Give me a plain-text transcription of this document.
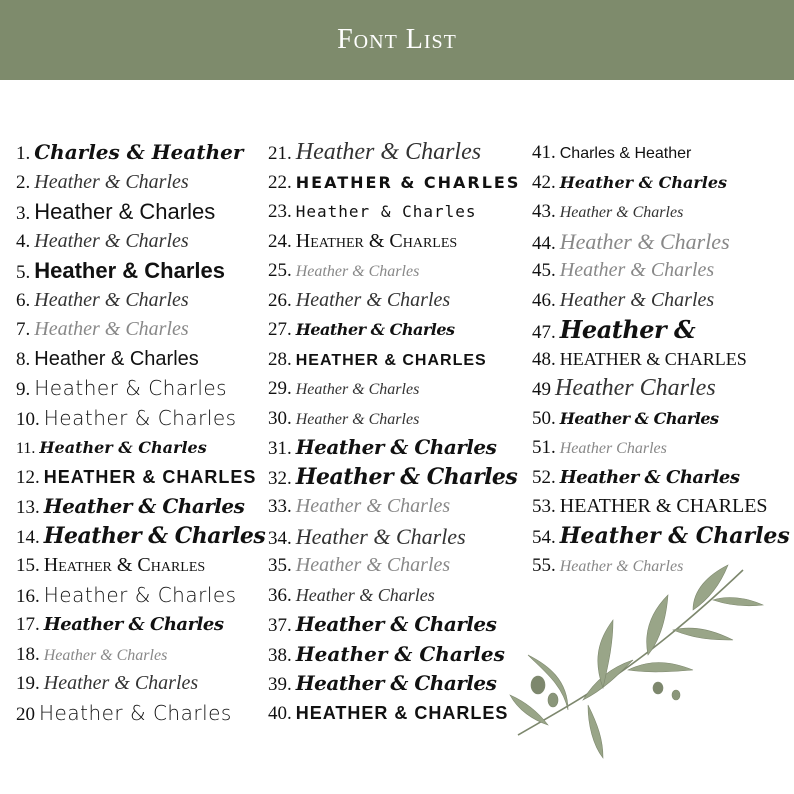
Font List
1. Charles & Heather
2. Heather & Charles
3. Heather & Charles
4. Heather & Charles
5. Heather & Charles
6. Heather & Charles
7. Heather & Charles
8. Heather & Charles
9. Heather & Charles
10. Heather & Charles
11. Heather & Charles
12. HEATHER & CHARLES
13. Heather & Charles
14. Heather & Charles
15. Heather & Charles
16. Heather & Charles
17. Heather & Charles
18. Heather & Charles
19. Heather & Charles
20 Heather & Charles
21. Heather & Charles
22. HEATHER & CHARLES
23. Heather & Charles
24. Heather & Charles
25. Heather & Charles
26. Heather & Charles
27. Heather & Charles
28. HEATHER & CHARLES
29. Heather & Charles
30. Heather & Charles
31. Heather & Charles
32. Heather & Charles
33. Heather & Charles
34. Heather & Charles
35. Heather & Charles
36. Heather & Charles
37. Heather & Charles
38. Heather & Charles
39. Heather & Charles
40. HEATHER & CHARLES
41. Charles & Heather
42. Heather & Charles
43. Heather & Charles
44. Heather & Charles
45. Heather & Charles
46. Heather & Charles
47. Heather &
48. HEATHER & CHARLES
49 Heather Charles
50. Heather & Charles
51. Heather Charles
52. Heather & Charles
53. HEATHER & CHARLES
54. Heather & Charles
55. Heather & Charles
